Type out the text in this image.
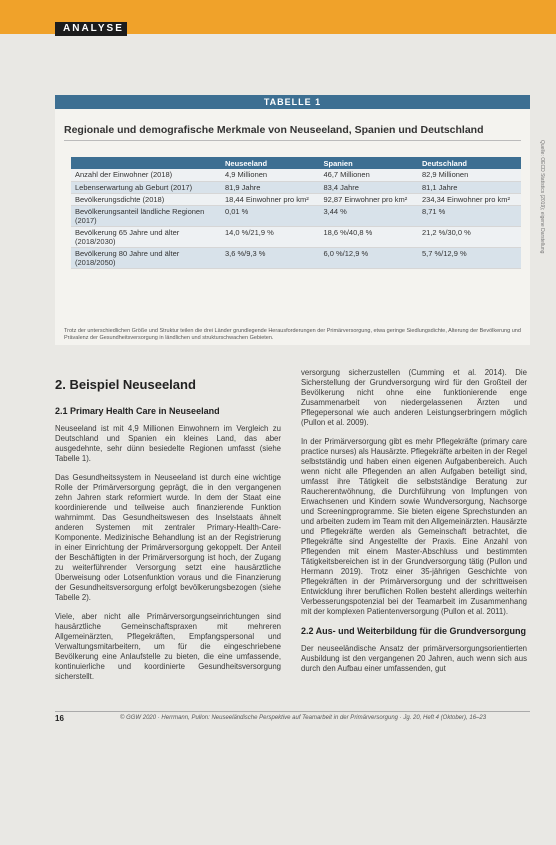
ANALYSE
TABELLE 1
Regionale und demografische Merkmale von Neuseeland, Spanien und Deutschland
	Neuseeland	Spanien	Deutschland
Anzahl der Einwohner (2018)	4,9 Millionen	46,7 Millionen	82,9 Millionen
Lebenserwartung ab Geburt (2017)	81,9 Jahre	83,4 Jahre	81,1 Jahre
Bevölkerungsdichte (2018)	18,44 Einwohner pro km²	92,87 Einwohner pro km²	234,34 Einwohner pro km²
Bevölkerungsanteil ländliche Regionen (2017)	0,01 %	3,44 %	8,71 %
Bevölkerung 65 Jahre und älter (2018/2030)	14,0 %/21,9 %	18,6 %/40,8 %	21,2 %/30,0 %
Bevölkerung 80 Jahre und älter (2018/2050)	3,6 %/9,3 %	6,0 %/12,9 %	5,7 %/12,9 %
Trotz der unterschiedlichen Größe und Struktur teilen die drei Länder grundlegende Herausforderungen der Primärversorgung, etwa geringe Siedlungsdichte, Alterung der Bevölkerung und Prävalenz der Gesundheitsversorgung in ländlichen und strukturschwachen Gebieten.
2. Beispiel Neuseeland
2.1 Primary Health Care in Neuseeland

Neuseeland ist mit 4,9 Millionen Einwohnern im Vergleich zu Deutschland und Spanien ein kleines Land, das aber ausgedehnte, sehr dünn besiedelte Regionen umfasst (siehe Tabelle 1).

Das Gesundheitssystem in Neuseeland ist durch eine wichtige Rolle der Primärversorgung geprägt, die in den vergangenen zehn Jahren stark reformiert wurde. In dem der Staat eine koordinierende und teilweise auch finanzierende Funktion wahrnimmt. Das Gesundheitswesen des Inselstaats ähnelt anderen Systemen mit zentraler Primary-Health-Care-Komponente. Medizinische Behandlung ist an der Registrierung in einer Einrichtung der Primärversorgung gekoppelt. Der Anteil der Beschäftigten in der Primärversorgung ist hoch, der Zugang zu weiterführender Versorgung setzt eine hausärztliche Überweisung oder Lotsenfunktion voraus und die Finanzierung der Gesundheitsversorgung erfolgt bevölkerungsbezogen (siehe Tabelle 2).

Viele, aber nicht alle Primärversorgungseinrichtungen sind hausärztliche Gemeinschaftspraxen mit mehreren Allgemeinärzten, Pflegekräften, Empfangspersonal und Verwaltungsmitarbeitern, um für die eingeschriebene Bevölkerung eine Anlaufstelle zu bieten, die eine umfassende, kontinuierliche und koordinierte Gesundheitsversorgung sicherstellt.

versorgung sicherzustellen (Cumming et al. 2014). Die Sicherstellung der Grundversorgung wird für den Großteil der Bevölkerung nicht ohne eine funktionierende enge Zusammenarbeit von niedergelassenen Ärzten und Pflegepersonal wie auch anderen Leistungserbringern möglich (Pullon et al. 2009).

In der Primärversorgung gibt es mehr Pflegekräfte (primary care practice nurses) als Hausärzte. Pflegekräfte arbeiten in der Regel selbstständig und haben einen eigenen Aufgabenbereich. Auch wenn nicht alle Pflegenden an allen Aufgaben beteiligt sind, umfasst ihre Tätigkeit die selbstständige Beratung zur Raucherentwöhnung, die Durchführung von Impfungen von Erwachsenen und Kindern sowie Wundversorgung, Nachsorge und Screeningprogramme. Sie bieten eigene Sprechstunden an und arbeiten zudem im Team mit den Allgemeinärzten. Hausärzte und Pflegekräfte werden als Gemeinschaft betrachtet, die Pflegekräfte sind Angestellte der Praxis. Eine Anzahl von Pflegenden mit einem Master-Abschluss und bestimmten Tätigkeitsbereichen ist in der Grundversorgung tätig (Pullon und Hermann 2019). Trotz einer 35-jährigen Geschichte von Pflegekräften in der Primärversorgung und der schrittweisen Entwicklung ihrer beruflichen Rollen besteht allerdings weiterhin Verbesserungspotenzial bei der Teamarbeit im Zusammenhang mit der komplexen Patientenversorgung (Pullon et al. 2011).

2.2 Aus- und Weiterbildung für die Grundversorgung

Der neuseeländische Ansatz der primärversorgungsorientierten Ausbildung ist den vergangenen 20 Jahren, auch wenn sich aus durch den Aufbau einer umfassenden, gut

Quelle: OECD Statistics (2019); eigene Darstellung
16	© GGW 2020 · Herrmann, Pullon: Neuseeländische Perspektive auf Teamarbeit in der Primärversorgung · Jg. 20, Heft 4 (Oktober), 16–23
